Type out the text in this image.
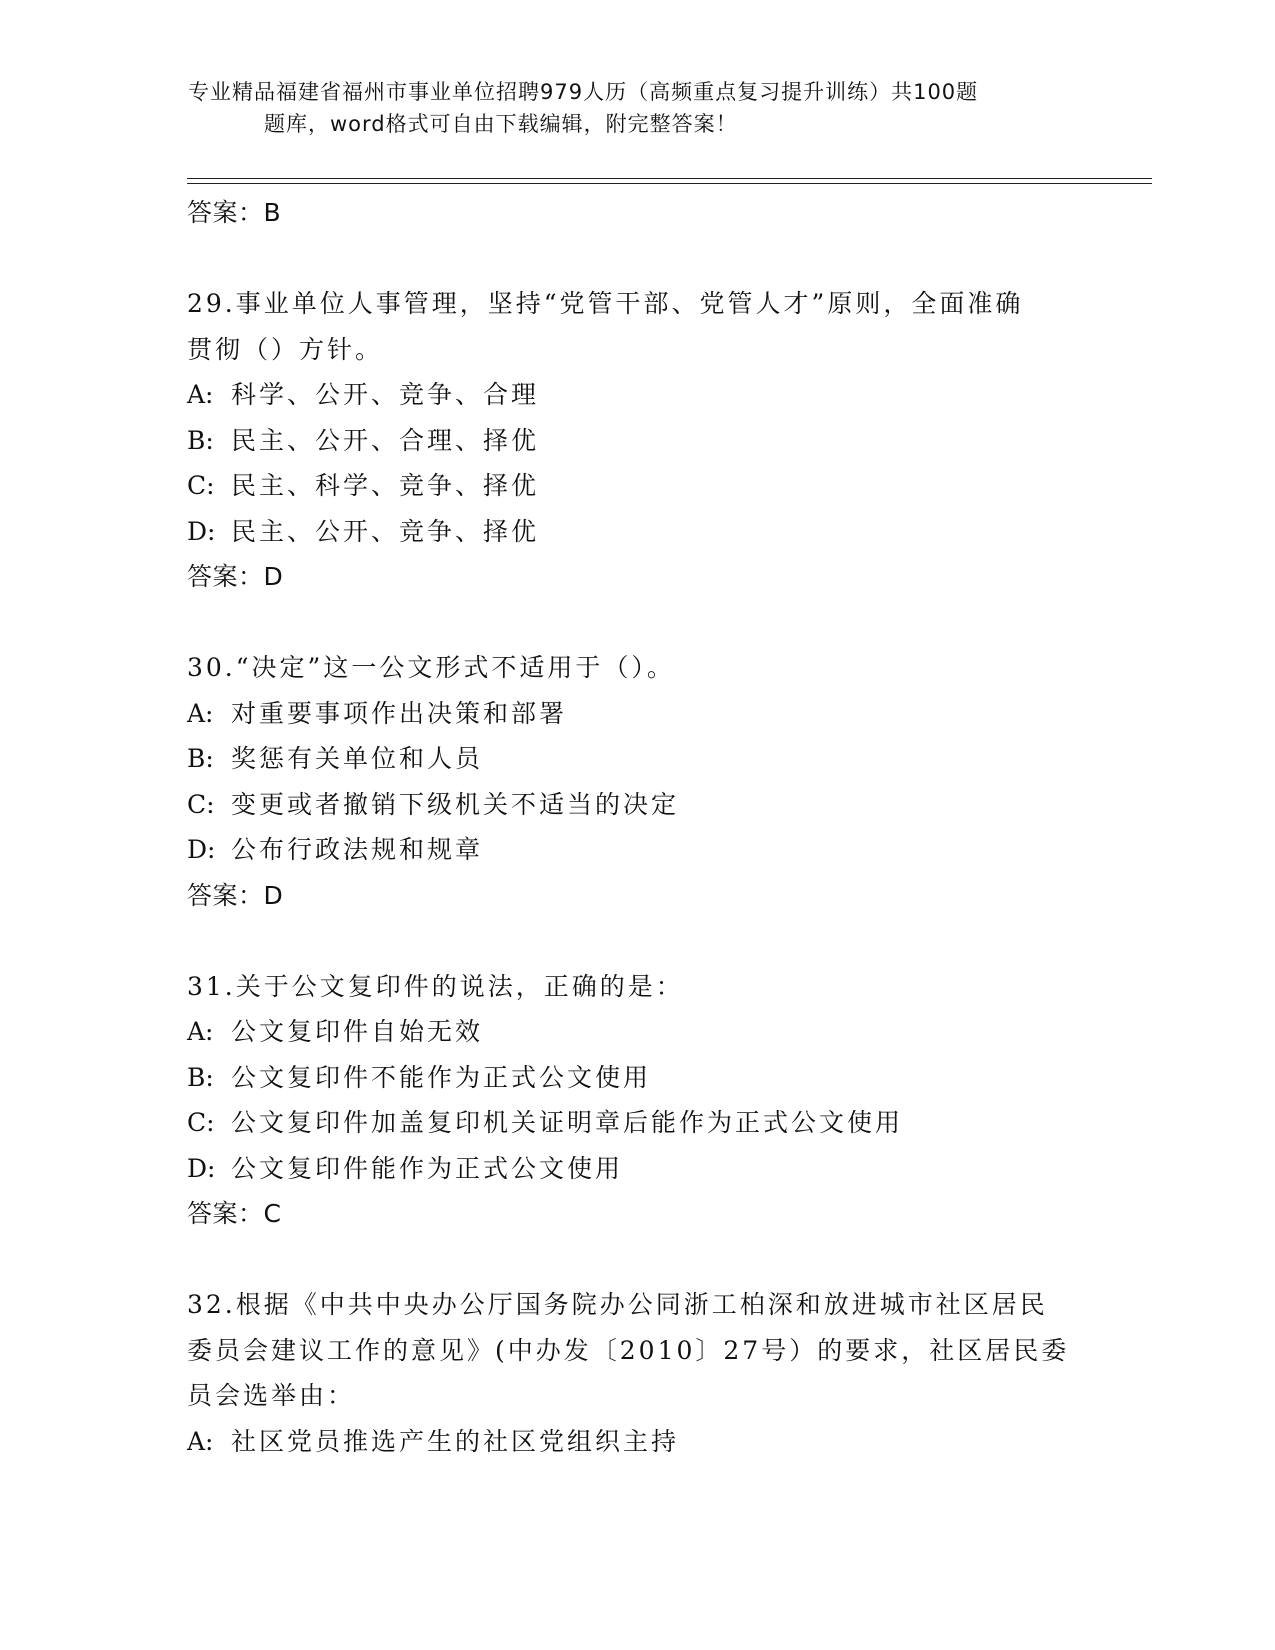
专业精品福建省福州市事业单位招聘979人历（高频重点复习提升训练）共100题
题库，word格式可自由下载编辑，附完整答案！
答案：B
29.事业单位人事管理，坚持“党管干部、党管人才”原则，全面准确
贯彻（）方针。
A: 科学、公开、竞争、合理
B: 民主、公开、合理、择优
C: 民主、科学、竞争、择优
D: 民主、公开、竞争、择优
答案：D
30.“决定”这一公文形式不适用于（）。
A: 对重要事项作出决策和部署
B: 奖惩有关单位和人员
C: 变更或者撤销下级机关不适当的决定
D: 公布行政法规和规章
答案：D
31.关于公文复印件的说法，正确的是：
A: 公文复印件自始无效
B: 公文复印件不能作为正式公文使用
C: 公文复印件加盖复印机关证明章后能作为正式公文使用
D: 公文复印件能作为正式公文使用
答案：C
32.根据《中共中央办公厅国务院办公同浙工柏深和放进城市社区居民
委员会建议工作的意见》(中办发〔2010〕27号）的要求，社区居民委
员会选举由：
A: 社区党员推选产生的社区党组织主持
